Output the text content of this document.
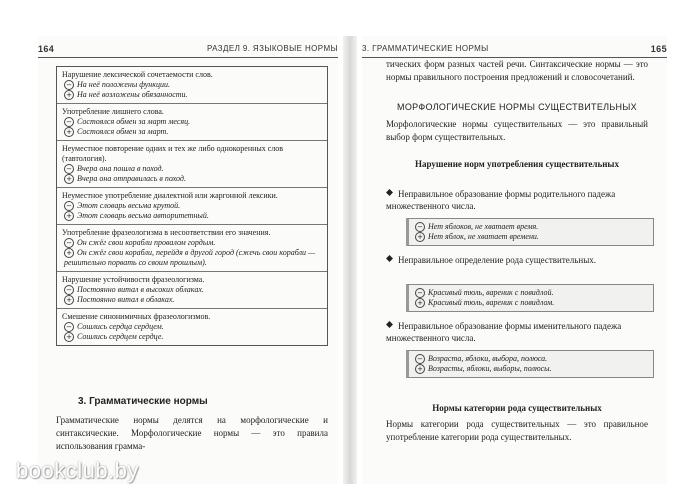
164	РАЗДЕЛ 9. ЯЗЫКОВЫЕ НОРМЫ
Нарушение лексической сочетаемости слов.
− На неё положены функции.
+ На неё возложены обязанности.
Употребление лишнего слова.
− Состоялся обмен за март месяц.
+ Состоялся обмен за март.
Неуместное повторение одних и тех же либо однокоренных слов (тавтология).
− Вчера она пошла в поход.
+ Вчера она отправилась в поход.
Неуместное употребление диалектной или жаргонной лексики.
− Этот словарь весьма крутой.
+ Этот словарь весьма авторитетный.
Употребление фразеологизма в несоответствии его значения.
− Он сжёг свои корабли провалом гордым.
+ Он сжёг свои корабли, перейдя в другой город (сжечь свои корабли — решительно порвать со своим прошлым).
Нарушение устойчивости фразеологизма.
− Постоянно витал в высоких облаках.
+ Постоянно витал в облаках.
Смешение синонимичных фразеологизмов.
− Сошлись сердца сердцем.
+ Сошлись сердцем сердце.
3. Грамматические нормы
Грамматические нормы делятся на морфологические и синтаксические. Морфологические нормы — это правила использования грамма-
3. ГРАММАТИЧЕСКИЕ НОРМЫ	165
тических форм разных частей речи. Синтаксические нормы — это нормы правильного построения предложений и словосочетаний.
МОРФОЛОГИЧЕСКИЕ НОРМЫ СУЩЕСТВИТЕЛЬНЫХ
Морфологические нормы существительных — это правильный выбор форм существительных.
Нарушение норм употребления существительных
Неправильное образование формы родительного падежа множественного числа.
− Нет яблоков, не хватает время.
+ Нет яблок, не хватает времени.
Неправильное определение рода существительных.
− Красивый тюль, вареник с повидлой.
+ Красивый тюль, вареник с повидлом.
Неправильное образование формы именительного падежа множественного числа.
− Возраста, яблоки, выбора, полюса.
+ Возрасты, яблоки, выборы, полюсы.
Нормы категории рода существительных
Нормы категории рода существительных — это правильное употребление категории рода существительных.
bookclub.by
